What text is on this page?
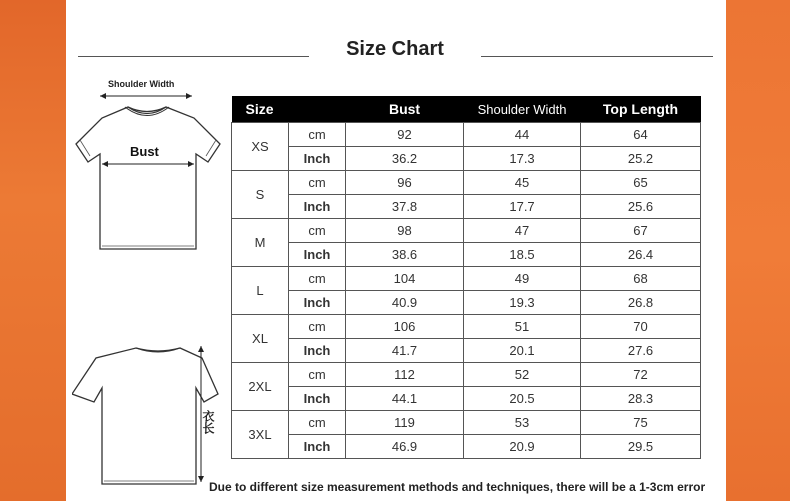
Size Chart
Shoulder Width
Bust
衣长
Size		Bust	Shoulder Width	Top Length
XS	cm	92	44	64
	Inch	36.2	17.3	25.2
S	cm	96	45	65
	Inch	37.8	17.7	25.6
M	cm	98	47	67
	Inch	38.6	18.5	26.4
L	cm	104	49	68
	Inch	40.9	19.3	26.8
XL	cm	106	51	70
	Inch	41.7	20.1	27.6
2XL	cm	112	52	72
	Inch	44.1	20.5	28.3
3XL	cm	119	53	75
	Inch	46.9	20.9	29.5
Due to different size measurement methods and techniques, there will be a 1-3cm error
